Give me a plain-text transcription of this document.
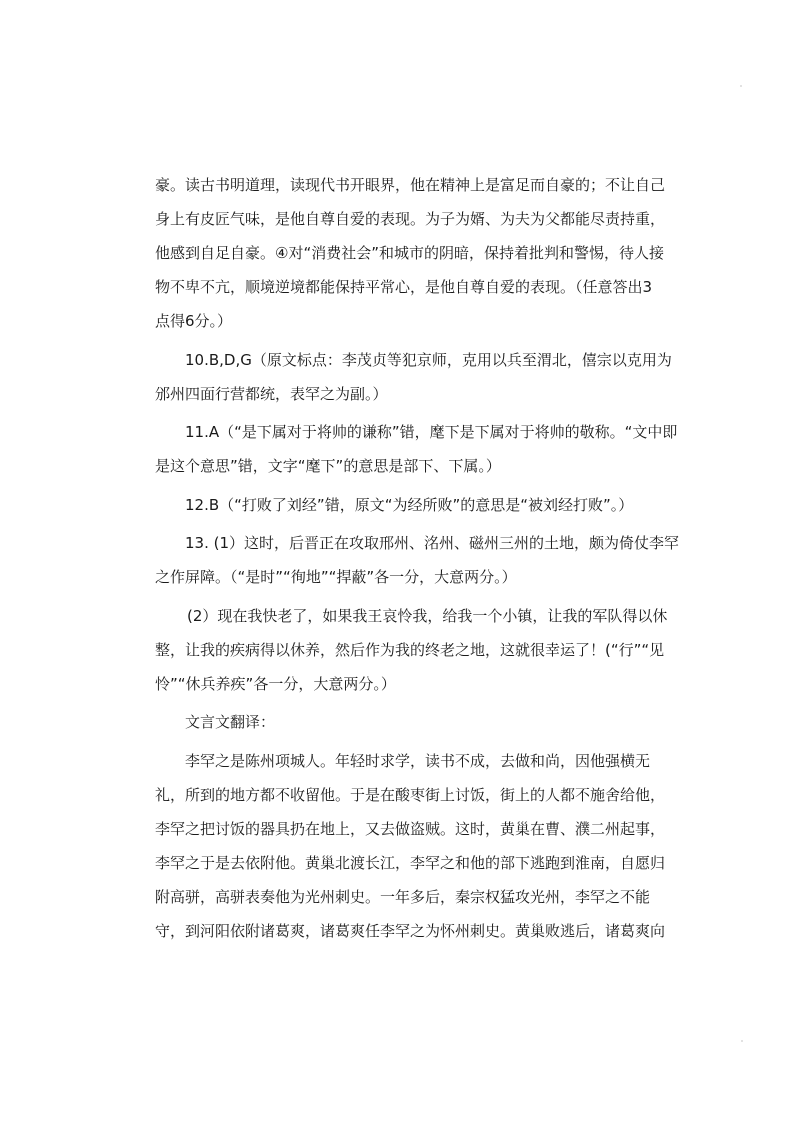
豪。读古书明道理，读现代书开眼界，他在精神上是富足而自豪的；不让自己
身上有皮匠气味，是他自尊自爱的表现。为子为婿、为夫为父都能尽责持重，
他感到自足自豪。④对“消费社会”和城市的阴暗，保持着批判和警惕，待人接
物不卑不亢，顺境逆境都能保持平常心，是他自尊自爱的表现。（任意答出3
点得6分。）
10.B,D,G（原文标点：李茂贞等犯京师，克用以兵至渭北，僖宗以克用为
邠州四面行营都统，表罕之为副。）
11.A（“是下属对于将帅的谦称”错，麾下是下属对于将帅的敬称。“文中即
是这个意思”错，文字“麾下”的意思是部下、下属。）
12.B（“打败了刘经”错，原文“为经所败”的意思是“被刘经打败”。）
13. (1）这时，后晋正在攻取邢州、洺州、磁州三州的土地，颇为倚仗李罕
之作屏障。（“是时”“徇地”“捍蔽”各一分，大意两分。）
(2）现在我快老了，如果我王哀怜我，给我一个小镇，让我的军队得以休
整，让我的疾病得以休养，然后作为我的终老之地，这就很幸运了！(“行”“见
怜”“休兵养疾”各一分，大意两分。）
文言文翻译：
李罕之是陈州项城人。年轻时求学，读书不成，去做和尚，因他强横无
礼，所到的地方都不收留他。于是在酸枣街上讨饭，街上的人都不施舍给他，
李罕之把讨饭的器具扔在地上，又去做盗贼。这时，黄巢在曹、濮二州起事，
李罕之于是去依附他。黄巢北渡长江，李罕之和他的部下逃跑到淮南，自愿归
附高骈，高骈表奏他为光州刺史。一年多后，秦宗权猛攻光州，李罕之不能
守，到河阳依附诸葛爽，诸葛爽任李罕之为怀州刺史。黄巢败逃后，诸葛爽向
